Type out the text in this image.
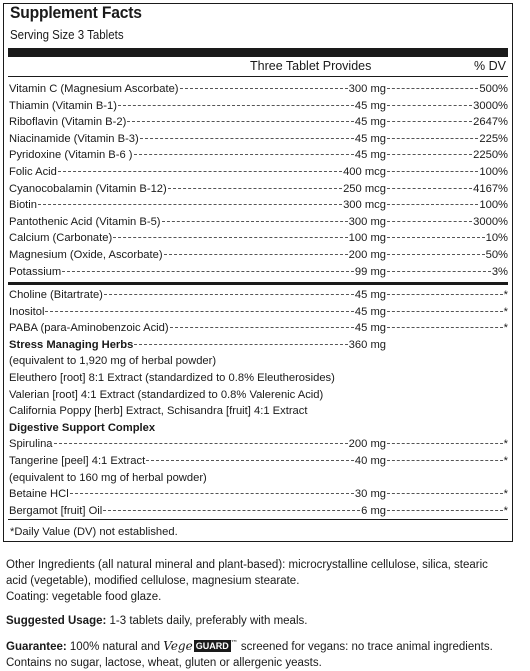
Supplement Facts
Serving Size 3 Tablets
Three Tablet Provides	% DV
Vitamin C (Magnesium Ascorbate)	300 mg	500%
Thiamin (Vitamin B-1)	45 mg	3000%
Riboflavin (Vitamin B-2)	45 mg	2647%
Niacinamide (Vitamin B-3)	45 mg	225%
Pyridoxine (Vitamin B-6 )	45 mg	2250%
Folic Acid	400 mcg	100%
Cyanocobalamin (Vitamin B-12)	250 mcg	4167%
Biotin	300 mcg	100%
Pantothenic Acid (Vitamin B-5)	300 mg	3000%
Calcium (Carbonate)	100 mg	10%
Magnesium (Oxide, Ascorbate)	200 mg	50%
Potassium	99 mg	3%
Choline (Bitartrate)	45 mg	*
Inositol	45 mg	*
PABA (para-Aminobenzoic Acid)	45 mg	*
Stress Managing Herbs	360 mg
(equivalent to 1,920 mg of herbal powder)
Eleuthero [root] 8:1 Extract (standardized to 0.8% Eleutherosides)
Valerian [root] 4:1 Extract (standardized to 0.8% Valerenic Acid)
California Poppy [herb] Extract, Schisandra [fruit] 4:1 Extract
Digestive Support Complex
Spirulina	200 mg	*
Tangerine [peel] 4:1 Extract	40 mg	*
(equivalent to 160 mg of herbal powder)
Betaine HCl	30 mg	*
Bergamot [fruit] Oil	6 mg	*
*Daily Value (DV) not established.
Other Ingredients (all natural mineral and plant-based): microcrystalline cellulose, silica, stearic acid (vegetable), modified cellulose, magnesium stearate.
Coating: vegetable food glaze.
Suggested Usage: 1-3 tablets daily, preferably with meals.
Guarantee: 100% natural and Vege GUARD ™ screened for vegans: no trace animal ingredients. Contains no sugar, lactose, wheat, gluten or allergenic yeasts.
